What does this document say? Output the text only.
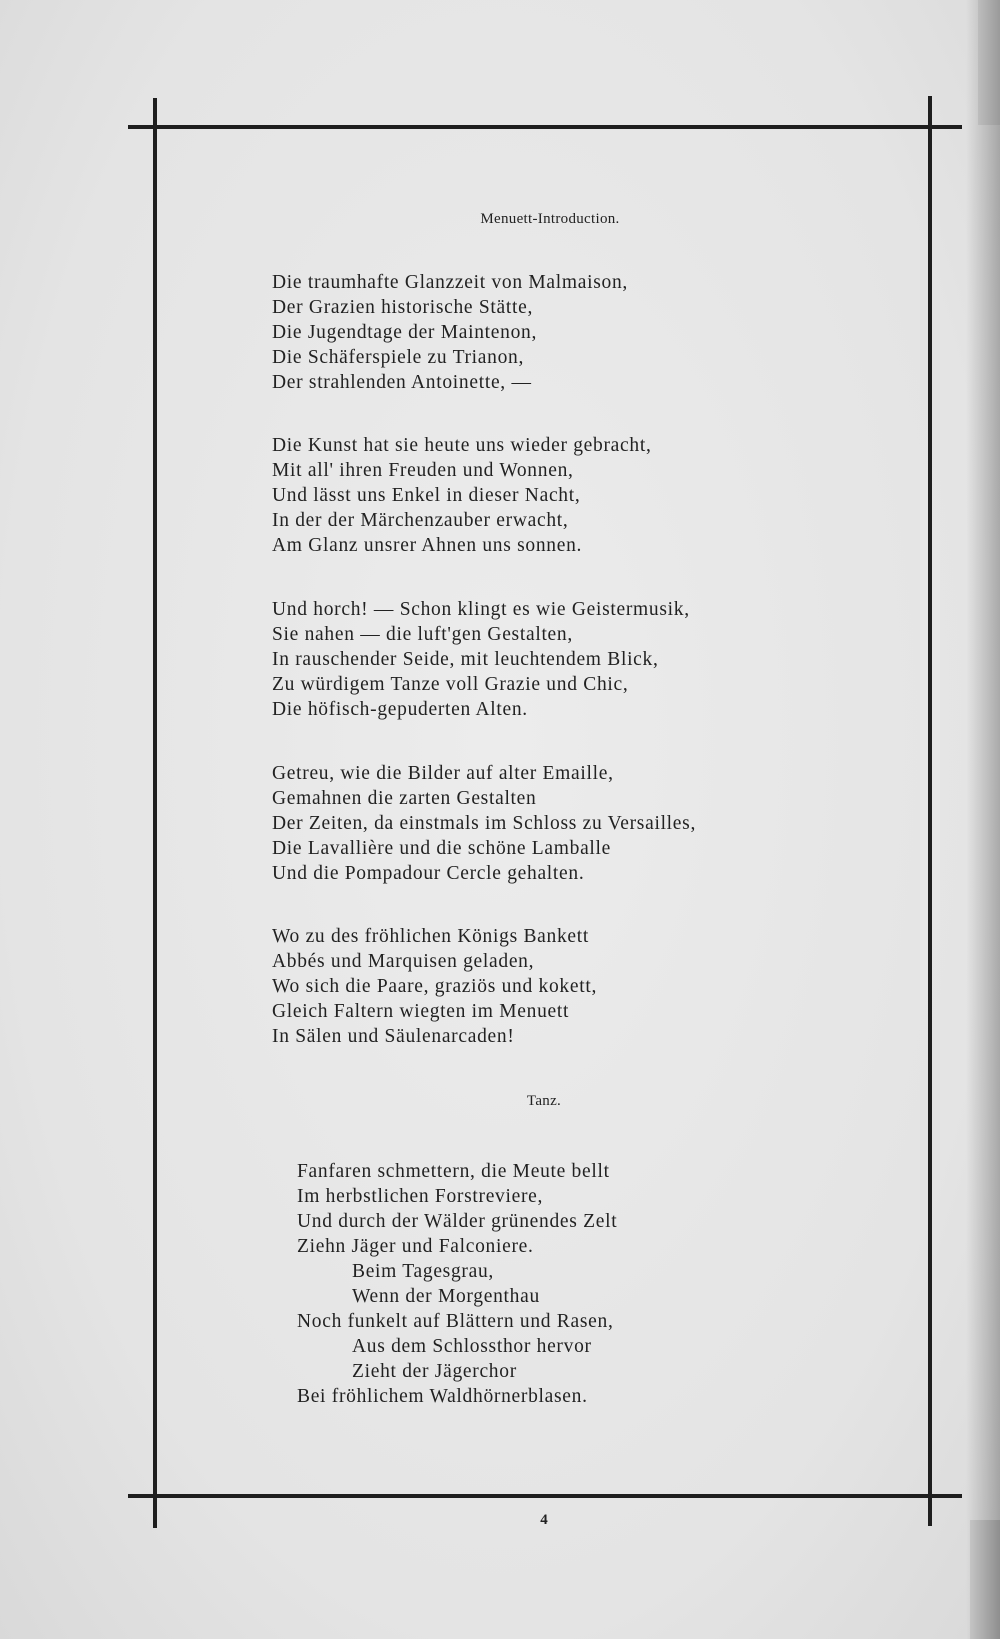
Menuett-Introduction.
Die traumhafte Glanzzeit von Malmaison,
Der Grazien historische Stätte,
Die Jugendtage der Maintenon,
Die Schäferspiele zu Trianon,
Der strahlenden Antoinette, —
Die Kunst hat sie heute uns wieder gebracht,
Mit all' ihren Freuden und Wonnen,
Und lässt uns Enkel in dieser Nacht,
In der der Märchenzauber erwacht,
Am Glanz unsrer Ahnen uns sonnen.
Und horch! — Schon klingt es wie Geistermusik,
Sie nahen — die luft'gen Gestalten,
In rauschender Seide, mit leuchtendem Blick,
Zu würdigem Tanze voll Grazie und Chic,
Die höfisch-gepuderten Alten.
Getreu, wie die Bilder auf alter Emaille,
Gemahnen die zarten Gestalten
Der Zeiten, da einstmals im Schloss zu Versailles,
Die Lavallière und die schöne Lamballe
Und die Pompadour Cercle gehalten.
Wo zu des fröhlichen Königs Bankett
Abbés und Marquisen geladen,
Wo sich die Paare, graziös und kokett,
Gleich Faltern wiegten im Menuett
In Sälen und Säulenarcaden!
Tanz.
Fanfaren schmettern, die Meute bellt
Im herbstlichen Forstreviere,
Und durch der Wälder grünendes Zelt
Ziehn Jäger und Falconiere.
Beim Tagesgrau,
Wenn der Morgenthau
Noch funkelt auf Blättern und Rasen,
Aus dem Schlossthor hervor
Zieht der Jägerchor
Bei fröhlichem Waldhörnerblasen.
4
